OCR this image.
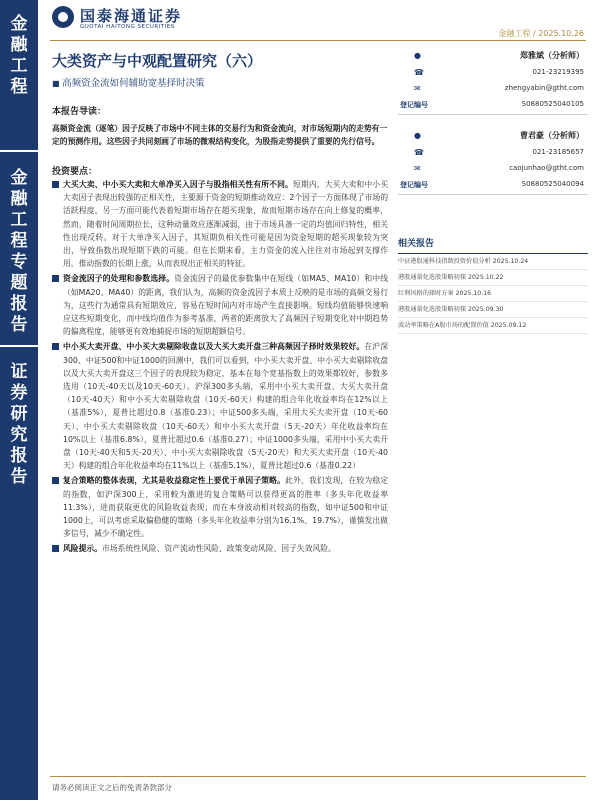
金融工程
金融工程专题报告
证券研究报告
国泰海通证券
GUOTAI HAITONG SECURITIES
金融工程 / 2025.10.26
大类资产与中观配置研究（六）
■ 高频资金流如何辅助宽基择时决策
本报告导读：
高频资金流（逐笔）因子反映了市场中不同主体的交易行为和资金流向，对市场短期内的走势有一定的预测作用。这些因子共同刻画了市场的微观结构变化，为股指走势提供了重要的先行信号。
投资要点：
大买大卖、中小买大卖和大单净买入因子与股指相关性有所不同。短期内，大买大卖和中小买大卖因子表现出较强的正相关性，主要源于资金的短期推动效应：2个因子一方面体现了市场的活跃程度，另一方面可能代表着短期市场存在超买现象，故而短期市场存在向上修复的概率，然而，随着时间周期拉长，这种动量效应逐渐减弱，由于市场具备一定的均值回归特性，相关性出现反转。对于大单净买入因子，其短期负相关性可能是因为资金短期的超买现象较为突出，导致指数出现短期下跌的可能。但在长期来看，主力资金的流入往往对市场起到支撑作用，推动指数的长期上涨，从而表现出正相关的特征。
资金流因子的处理和参数选择。资金流因子的最优参数集中在短线（如MA5、MA10）和中线（如MA20、MA40）的距离，我们认为，高频的资金流因子本质上反映的是市场的高频交易行为，这些行为通常具有短期效应，容易在短时间内对市场产生直接影响。短线均值能够快速响应这些短期变化，而中线均值作为参考基准，两者的距离放大了高频因子短期变化对中期趋势的偏离程度，能够更有效地捕捉市场的短期超额信号。
中小买大卖开盘、中小买大卖剔除收盘以及大买大卖开盘三种高频因子择时效果较好。在沪深300、中证500和中证1000的回测中，我们可以看到，中小买大卖开盘、中小买大卖剔除收盘以及大买大卖开盘这三个因子的表现较为稳定，基本在每个宽基指数上的效果都较好，参数多选用（10天-40天以及10天-60天）。沪深300多头端，采用中小买大卖开盘、大买大卖开盘（10天-40天）和中小买大卖剔除收盘（10天-60天）构建的组合年化收益率均在12%以上（基准5%），夏普比超过0.8（基准0.23）；中证500多头端，采用大买大卖开盘（10天-60天）、中小买大卖剔除收盘（10天-60天）和中小买大卖开盘（5天-20天）年化收益率均在10%以上（基准6.8%），夏普比超过0.6（基准0.27）；中证1000多头端，采用中小买大卖开盘（10天-40天和5天-20天）、中小买大卖剔除收盘（5天-20天）和大买大卖开盘（10天-40天）构建的组合年化收益率均在11%以上（基准5.1%），夏普比超过0.6（基准0.22）
复合策略的整体表现，尤其是收益稳定性上要优于单因子策略。此外，我们发现，在较为稳定的指数，如沪深300上，采用較为激进的复合策略可以获得更高的胜率（多头年化收益率11.3%），进而获取更优的风险收益表现；而在本身波动相对较高的指数，如中证500和中证1000上，可以考虑采取偏稳健的策略（多头年化收益率分别为16.1%、19.7%），谨慎发出做多信号，减少不确定性。
风险提示。市场系统性风险、资产流动性风险、政策变动风险、因子失效风险。
郑雅斌（分析师）
●
021-23219395
☎
zhengyabin@gtht.com
✉
登记编号	S0880525040105
曹君豪（分析师）
●
021-23185657
☎
caojunhao@gtht.com
✉
登记编号	S0880525040094
相关报告
中证港股通科技指数投资价值分析 2025.10.24
港股通量化选股策略初探 2025.10.22
红利风格的择时方案 2025.10.16
港股通量化选股策略初探 2025.09.30
波动率策略在A股市场的配置价值 2025.09.12
请务必阅读正文之后的免责条款部分
